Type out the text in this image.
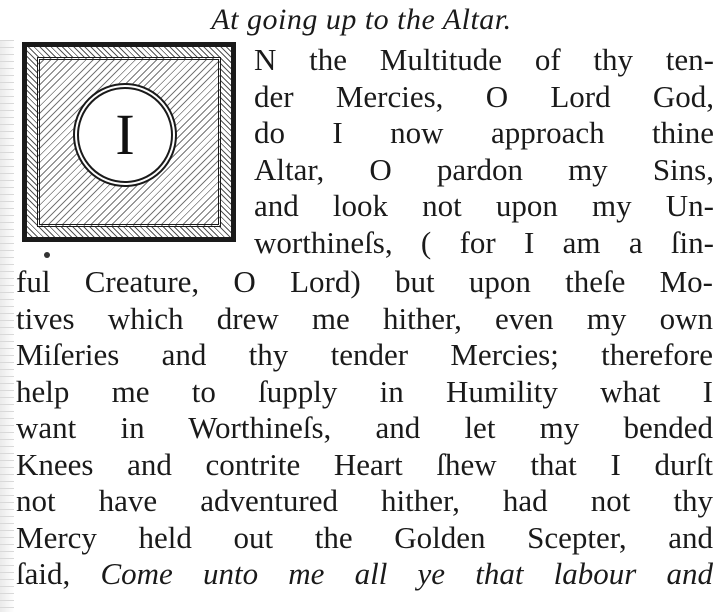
At going up to the Altar.
I
N the Multitude of thy ten-
der Mercies, O Lord God,
do I now approach thine
Altar, O pardon my Sins,
and look not upon my Un-
worthineſs, ( for I am a ſin-
ful Creature, O Lord) but upon theſe Mo-
tives which drew me hither, even my own
Miſeries and thy tender Mercies; therefore
help me to ſupply in Humility what I
want in Worthineſs, and let my bended
Knees and contrite Heart ſhew that I durſt
not have adventured hither, had not thy
Mercy held out the Golden Scepter, and
ſaid, Come unto me all ye that labour and
